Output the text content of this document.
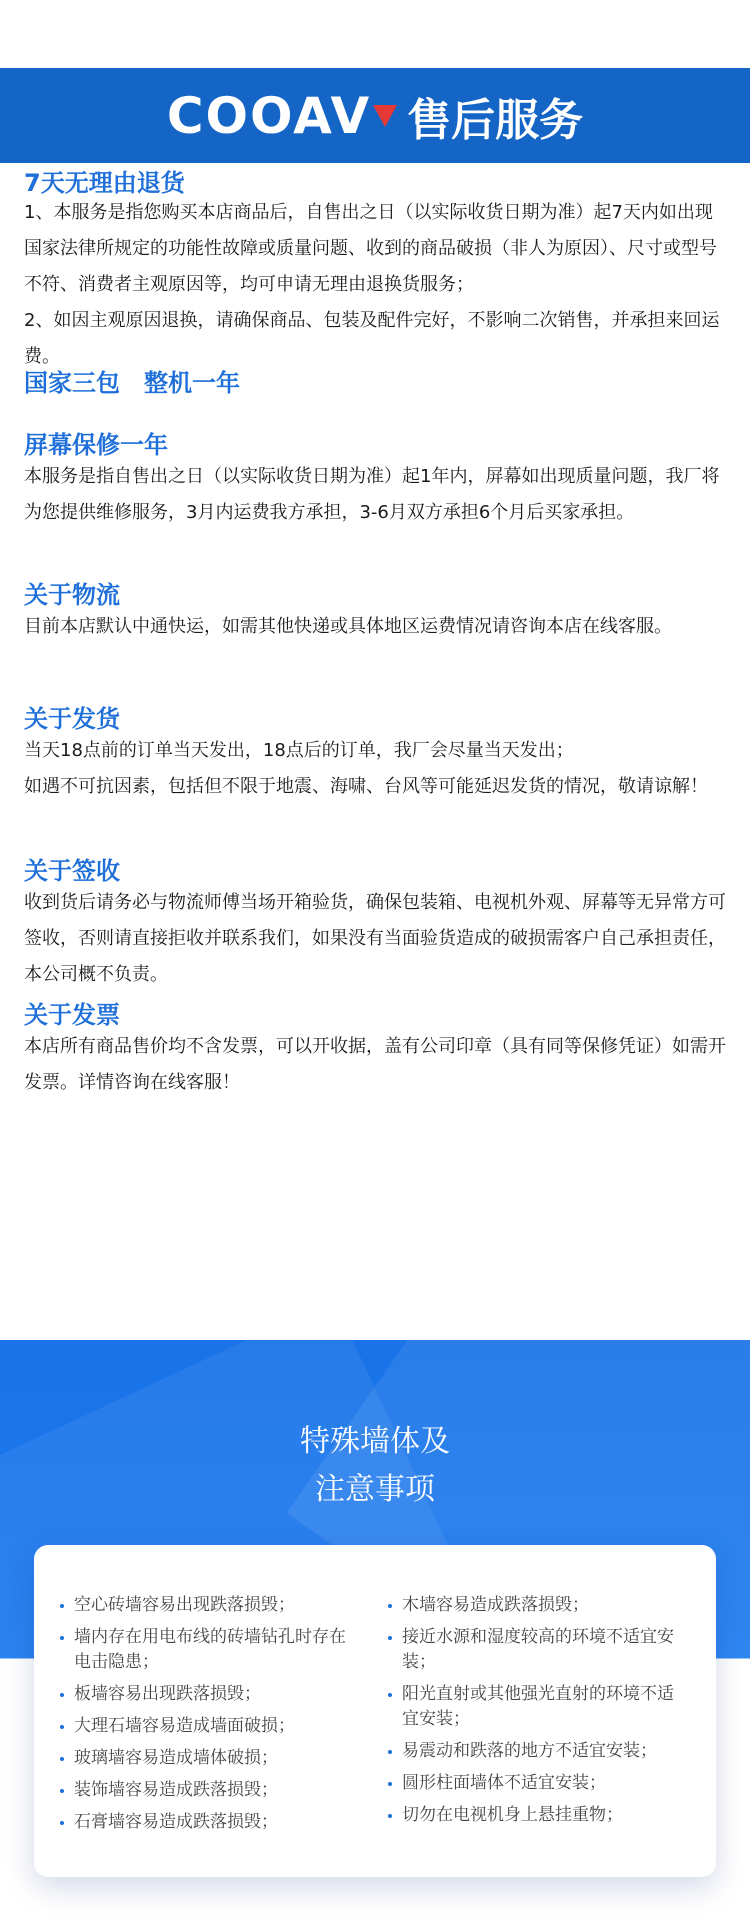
COOAV 售后服务
7天无理由退货
1、本服务是指您购买本店商品后，自售出之日（以实际收货日期为准）起7天内如出现国家法律所规定的功能性故障或质量问题、收到的商品破损（非人为原因）、尺寸或型号不符、消费者主观原因等，均可申请无理由退换货服务；
2、如因主观原因退换，请确保商品、包装及配件完好，不影响二次销售，并承担来回运费。
国家三包　整机一年
屏幕保修一年
本服务是指自售出之日（以实际收货日期为准）起1年内，屏幕如出现质量问题，我厂将为您提供维修服务，3月内运费我方承担，3-6月双方承担6个月后买家承担。
关于物流
目前本店默认中通快运，如需其他快递或具体地区运费情况请咨询本店在线客服。
关于发货
当天18点前的订单当天发出，18点后的订单，我厂会尽量当天发出；
如遇不可抗因素，包括但不限于地震、海啸、台风等可能延迟发货的情况，敬请谅解！
关于签收
收到货后请务必与物流师傅当场开箱验货，确保包装箱、电视机外观、屏幕等无异常方可签收，否则请直接拒收并联系我们，如果没有当面验货造成的破损需客户自己承担责任，本公司概不负责。
关于发票
本店所有商品售价均不含发票，可以开收据，盖有公司印章（具有同等保修凭证）如需开发票。详情咨询在线客服！
特殊墙体及
注意事项
空心砖墙容易出现跌落损毁；
墙内存在用电布线的砖墙钻孔时存在电击隐患；
板墙容易出现跌落损毁；
大理石墙容易造成墙面破损；
玻璃墙容易造成墙体破损；
装饰墙容易造成跌落损毁；
石膏墙容易造成跌落损毁；
木墙容易造成跌落损毁；
接近水源和湿度较高的环境不适宜安装；
阳光直射或其他强光直射的环境不适宜安装；
易震动和跌落的地方不适宜安装；
圆形柱面墙体不适宜安装；
切勿在电视机身上悬挂重物；
